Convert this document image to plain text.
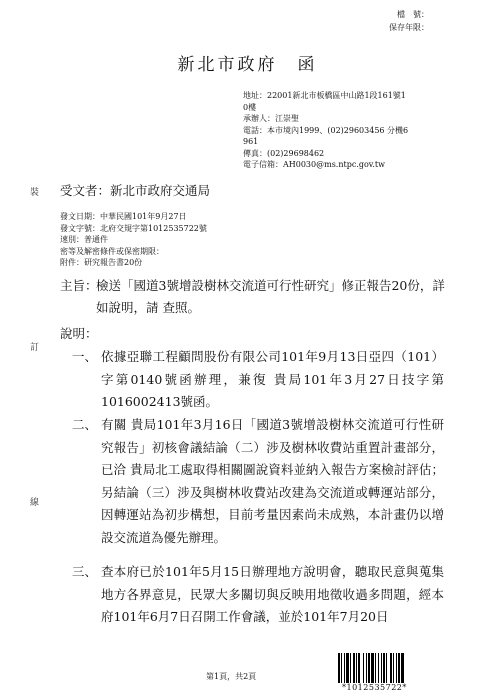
檔　號：
保存年限：
新北市政府 函
地址：22001新北市板橋區中山路1段161號1
0樓
承辦人：江崇聖
電話：本市境內1999、(02)29603456 分機6
961
傳真：(02)29698462
電子信箱：AH0030@ms.ntpc.gov.tw
裝
訂
線
受文者：新北市政府交通局
發文日期：中華民國101年9月27日
發文字號：北府交規字第1012535722號
速別：普通件
密等及解密條件或保密期限：
附件：研究報告書20份
主旨：
檢送「國道3號增設樹林交流道可行性研究」修正報告20份，詳如說明，請 查照。
說明：
一、 依據亞聯工程顧問股份有限公司101年9月13日亞四（101）字第0140號函辦理，兼復 貴局101年3月27日技字第1016002413號函。
二、 有關 貴局101年3月16日「國道3號增設樹林交流道可行性研究報告」初核會議結論（二）涉及樹林收費站重置計畫部分，已洽 貴局北工處取得相關圖說資料並納入報告方案檢討評估；另結論（三）涉及與樹林收費站改建為交流道或轉運站部分，因轉運站為初步構想，目前考量因素尚未成熟，本計畫仍以增設交流道為優先辦理。
三、 查本府已於101年5月15日辦理地方說明會，聽取民意與蒐集地方各界意見，民眾大多關切與反映用地徵收過多問題，經本府101年6月7日召開工作會議，並於101年7月20日
第1頁，共2頁
*1012535722*
